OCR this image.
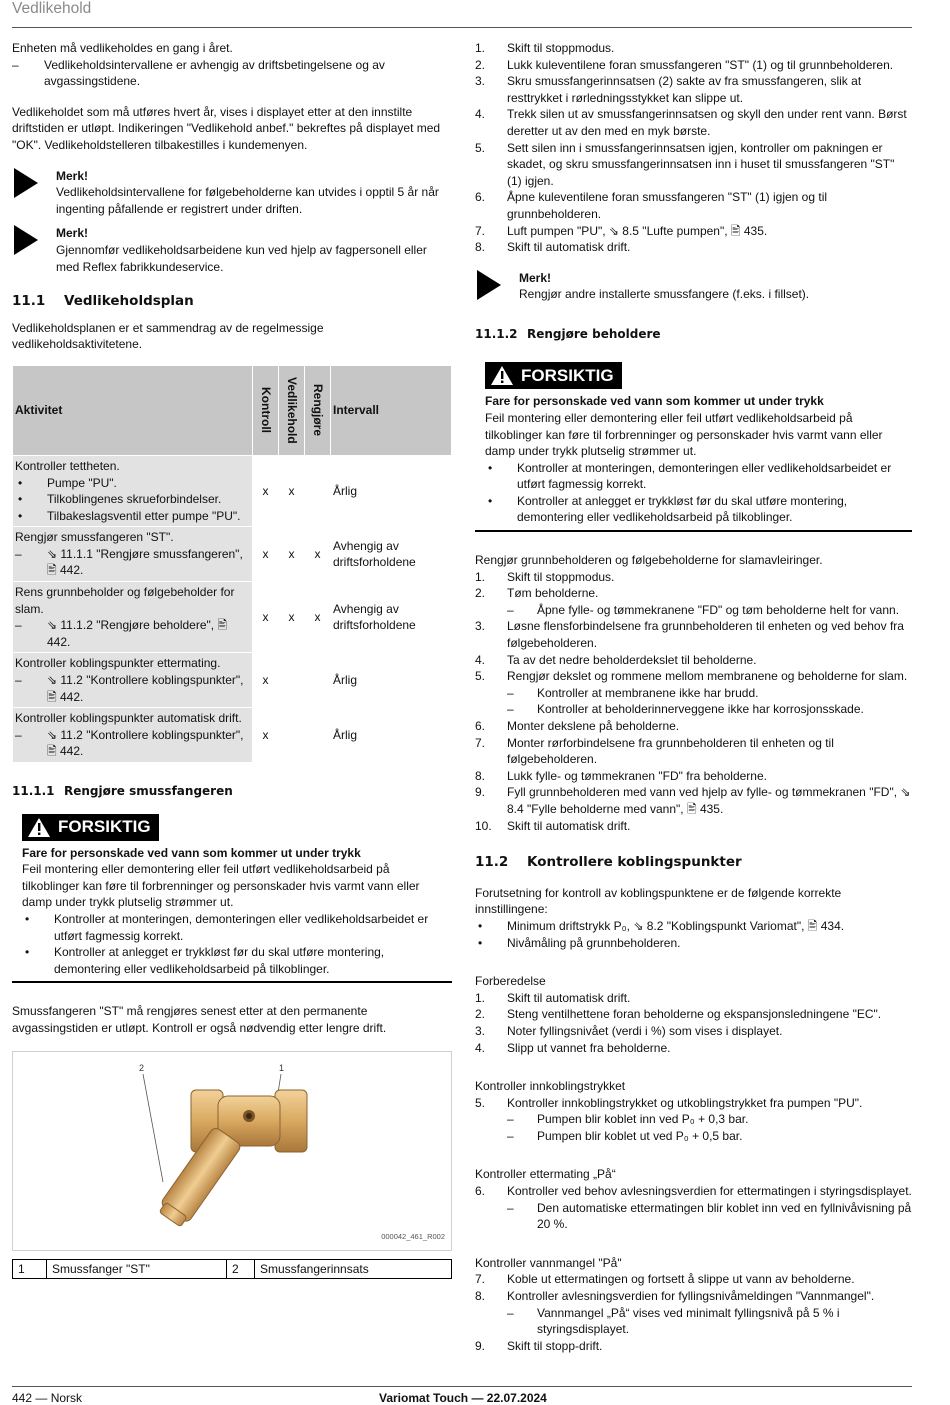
Vedlikehold

Enheten må vedlikeholdes en gang i året.

– Vedlikeholdsintervallene er avhengig av driftsbetingelsene og av avgassingstidene.

Vedlikeholdet som må utføres hvert år, vises i displayet etter at den innstilte driftstiden er utløpt. Indikeringen "Vedlikehold anbef." bekreftes på displayet med "OK". Vedlikeholdstelleren tilbakestilles i kundemenyen.

Merk!
Vedlikeholdsintervallene for følgebeholderne kan utvides i opptil 5 år når ingenting påfallende er registrert under driften.
Merk!
Gjennomfør vedlikeholdsarbeidene kun ved hjelp av fagpersonell eller med Reflex fabrikkundeservice.
11.1 Vedlikeholdsplan

Vedlikeholdsplanen er et sammendrag av de regelmessige vedlikeholdsaktivitetene.

Aktivitet	Kontroll	Vedlikehold	Rengjøre	Intervall

Kontroller tettheten.
• Pumpe "PU".
• Tilkoblingenes skrueforbindelser.
• Tilbakeslagsventil etter pumpe "PU".	x	x		Årlig

Rengjør smussfangeren "ST".
– ⇘ 11.1.1 "Rengjøre smussfangeren", 🖹 442.	x	x	x	Avhengig av driftsforholdene

Rens grunnbeholder og følgebeholder for slam.
– ⇘ 11.1.2 "Rengjøre beholdere", 🖹 442.	x	x	x	Avhengig av driftsforholdene

Kontroller koblingspunkter ettermating.
– ⇘ 11.2 "Kontrollere koblingspunkter", 🖹 442.	x			Årlig

Kontroller koblingspunkter automatisk drift.
– ⇘ 11.2 "Kontrollere koblingspunkter", 🖹 442.	x			Årlig
11.1.1 Rengjøre smussfangeren
FORSIKTIG
Fare for personskade ved vann som kommer ut under trykk
Feil montering eller demontering eller feil utført vedlikeholdsarbeid på tilkoblinger kan føre til forbrenninger og personskader hvis varmt vann eller damp under trykk plutselig strømmer ut.
• Kontroller at monteringen, demonteringen eller vedlikeholdsarbeidet er utført fagmessig korrekt.
• Kontroller at anlegget er trykkløst før du skal utføre montering, demontering eller vedlikeholdsarbeid på tilkoblinger.

Smussfangeren "ST" må rengjøres senest etter at den permanente avgassingstiden er utløpt. Kontroll er også nødvendig etter lengre drift.

2	1
000042_461_R002
1	Smussfanger "ST"	2	Smussfangerinnsats
1. Skift til stoppmodus.
2. Lukk kuleventilene foran smussfangeren "ST" (1) og til grunnbeholderen.
3. Skru smussfangerinnsatsen (2) sakte av fra smussfangeren, slik at resttrykket i rørledningsstykket kan slippe ut.
4. Trekk silen ut av smussfangerinnsatsen og skyll den under rent vann. Børst deretter ut av den med en myk børste.
5. Sett silen inn i smussfangerinnsatsen igjen, kontroller om pakningen er skadet, og skru smussfangerinnsatsen inn i huset til smussfangeren "ST" (1) igjen.
6. Åpne kuleventilene foran smussfangeren "ST" (1) igjen og til grunnbeholderen.
7. Luft pumpen "PU", ⇘ 8.5 "Lufte pumpen", 🖹 435.
8. Skift til automatisk drift.
Merk!
Rengjør andre installerte smussfangere (f.eks. i fillset).
11.1.2 Rengjøre beholdere
FORSIKTIG
Fare for personskade ved vann som kommer ut under trykk
Feil montering eller demontering eller feil utført vedlikeholdsarbeid på tilkoblinger kan føre til forbrenninger og personskader hvis varmt vann eller damp under trykk plutselig strømmer ut.
• Kontroller at monteringen, demonteringen eller vedlikeholdsarbeidet er utført fagmessig korrekt.
• Kontroller at anlegget er trykkløst før du skal utføre montering, demontering eller vedlikeholdsarbeid på tilkoblinger.

Rengjør grunnbeholderen og følgebeholderne for slamavleiringer.

1. Skift til stoppmodus.
2. Tøm beholderne.
– Åpne fylle- og tømmekranene "FD" og tøm beholderne helt for vann.
3. Løsne flensforbindelsene fra grunnbeholderen til enheten og ved behov fra følgebeholderen.
4. Ta av det nedre beholderdekslet til beholderne.
5. Rengjør dekslet og rommene mellom membranene og beholderne for slam.
– Kontroller at membranene ikke har brudd.
– Kontroller at beholderinnerveggene ikke har korrosjonsskade.
6. Monter dekslene på beholderne.
7. Monter rørforbindelsene fra grunnbeholderen til enheten og til følgebeholderen.
8. Lukk fylle- og tømmekranen "FD" fra beholderne.
9. Fyll grunnbeholderen med vann ved hjelp av fylle- og tømmekranen "FD", ⇘ 8.4 "Fylle beholderne med vann", 🖹 435.
10. Skift til automatisk drift.
11.2 Kontrollere koblingspunkter

Forutsetning for kontroll av koblingspunktene er de følgende korrekte innstillingene:

• Minimum driftstrykk P₀, ⇘ 8.2 "Koblingspunkt Variomat", 🖹 434.
• Nivåmåling på grunnbeholderen.

Forberedelse

1. Skift til automatisk drift.
2. Steng ventilhettene foran beholderne og ekspansjonsledningene "EC".
3. Noter fyllingsnivået (verdi i %) som vises i displayet.
4. Slipp ut vannet fra beholderne.

Kontroller innkoblingstrykket

5. Kontroller innkoblingstrykket og utkoblingstrykket fra pumpen "PU".
– Pumpen blir koblet inn ved P₀ + 0,3 bar.
– Pumpen blir koblet ut ved P₀ + 0,5 bar.

Kontroller ettermating „På“

6. Kontroller ved behov avlesningsverdien for ettermatingen i styringsdisplayet.
– Den automatiske ettermatingen blir koblet inn ved en fyllnivåvisning på 20 %.

Kontroller vannmangel "På"

7. Koble ut ettermatingen og fortsett å slippe ut vann av beholderne.
8. Kontroller avlesningsverdien for fyllingsnivåmeldingen "Vannmangel".
– Vannmangel „På“ vises ved minimalt fyllingsnivå på 5 % i styringsdisplayet.
9. Skift til stopp-drift.
442 — Norsk	Variomat Touch — 22.07.2024
